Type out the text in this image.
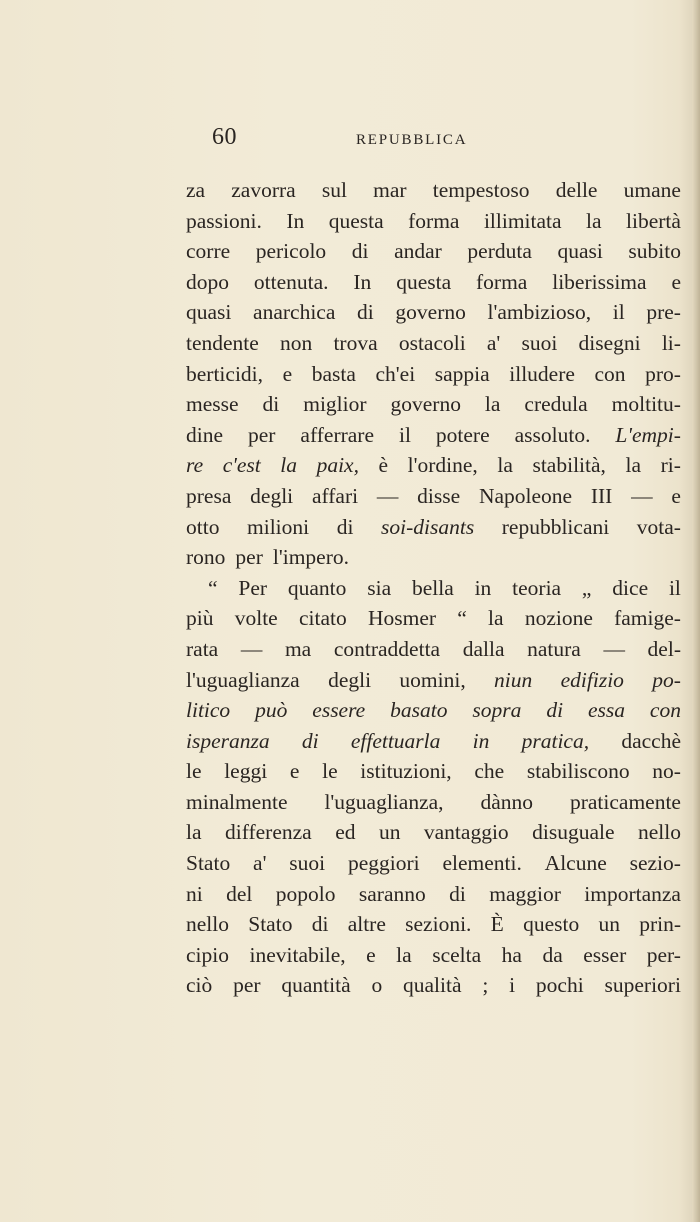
60	REPUBBLICA
za zavorra sul mar tempestoso delle umane
passioni. In questa forma illimitata la libertà
corre pericolo di andar perduta quasi subito
dopo ottenuta. In questa forma liberissima e
quasi anarchica di governo l'ambizioso, il pre-
tendente non trova ostacoli a' suoi disegni li-
berticidi, e basta ch'ei sappia illudere con pro-
messe di miglior governo la credula moltitu-
dine per afferrare il potere assoluto. L'empi-
re c'est la paix, è l'ordine, la stabilità, la ri-
presa degli affari — disse Napoleone III — e
otto milioni di soi-disants repubblicani vota-
rono per l'impero.
“ Per quanto sia bella in teoria „ dice il
più volte citato Hosmer “ la nozione famige-
rata — ma contraddetta dalla natura — del-
l'uguaglianza degli uomini, niun edifizio po-
litico può essere basato sopra di essa con
isperanza di effettuarla in pratica, dacchè
le leggi e le istituzioni, che stabiliscono no-
minalmente l'uguaglianza, dànno praticamente
la differenza ed un vantaggio disuguale nello
Stato a' suoi peggiori elementi. Alcune sezio-
ni del popolo saranno di maggior importanza
nello Stato di altre sezioni. È questo un prin-
cipio inevitabile, e la scelta ha da esser per-
ciò per quantità o qualità ; i pochi superiori
